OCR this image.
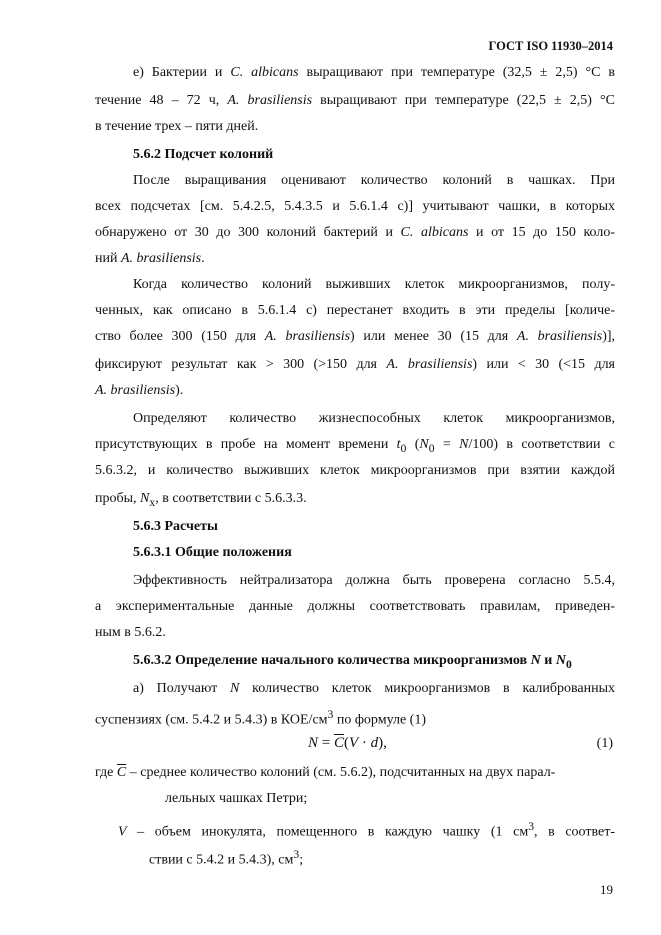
ГОСТ ISO 11930–2014
e) Бактерии и C. albicans выращивают при температуре (32,5 ± 2,5) °C в
течение 48 – 72 ч, A. brasiliensis выращивают при температуре (22,5 ± 2,5) °C
в течение трех – пяти дней.
5.6.2 Подсчет колоний
После выращивания оценивают количество колоний в чашках. При
всех подсчетах [см. 5.4.2.5, 5.4.3.5 и 5.6.1.4 c)] учитывают чашки, в которых
обнаружено от 30 до 300 колоний бактерий и C. albicans и от 15 до 150 коло-
ний A. brasiliensis.
Когда количество колоний выживших клеток микроорганизмов, полу-
ченных, как описано в 5.6.1.4 c) перестанет входить в эти пределы [количе-
ство более 300 (150 для A. brasiliensis) или менее 30 (15 для A. brasiliensis)],
фиксируют результат как > 300 (>150 для A. brasiliensis) или < 30 (<15 для
A. brasiliensis).
Определяют количество жизнеспособных клеток микроорганизмов,
присутствующих в пробе на момент времени $t_0$ $(N_0 = N/100)$ в соответствии с
5.6.3.2, и количество выживших клеток микроорганизмов при взятии каждой
пробы, $N_x$, в соответствии с 5.6.3.3.
5.6.3 Расчеты
5.6.3.1 Общие положения
Эффективность нейтрализатора должна быть проверена согласно 5.5.4,
а экспериментальные данные должны соответствовать правилам, приведен-
ным в 5.6.2.
5.6.3.2 Определение начального количества микроорганизмов N и $N_0$
a) Получают N количество клеток микроорганизмов в калиброванных
суспензиях (см. 5.4.2 и 5.4.3) в КОЕ/$см^3$ по формуле (1)
$N = \overline{C}(V \cdot d)$,	(1)
где $\overline{C}$ – среднее количество колоний (см. 5.6.2), подсчитанных на двух парал-
лельных чашках Петри;
V – объем инокулята, помещенного в каждую чашку (1 $см^3$, в соответ-
ствии с 5.4.2 и 5.4.3), $см^3$;
19
